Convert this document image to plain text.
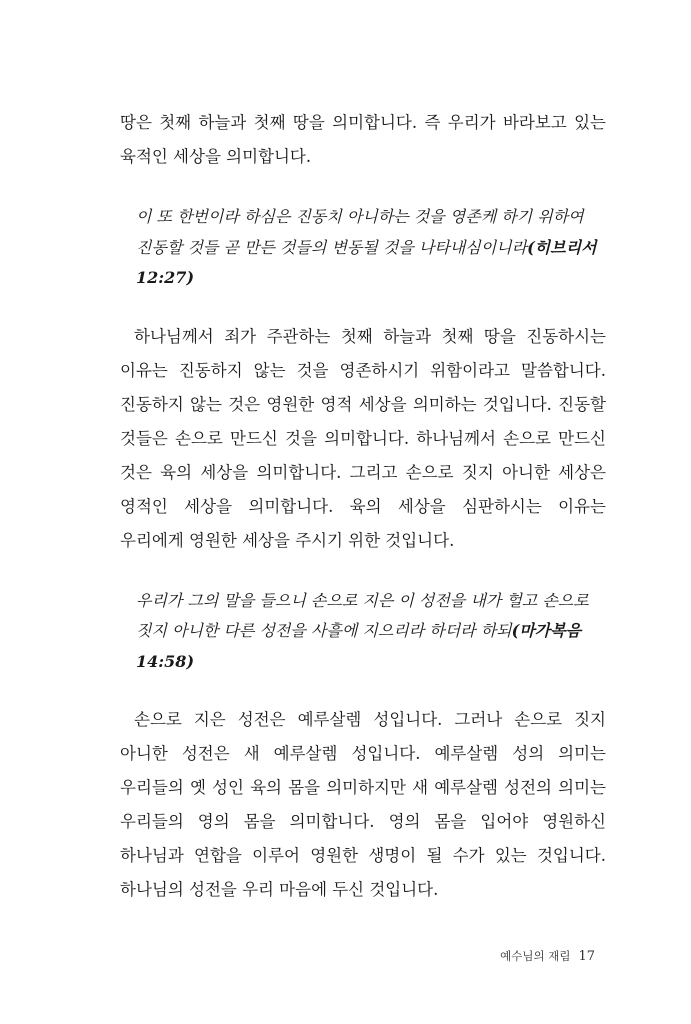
땅은 첫째 하늘과 첫째 땅을 의미합니다. 즉 우리가 바라보고 있는 육적인 세상을 의미합니다.

이 또 한번이라 하심은 진동치 아니하는 것을 영존케 하기 위하여 진동할 것들 곧 만든 것들의 변동될 것을 나타내심이니라(히브리서 12:27)

하나님께서 죄가 주관하는 첫째 하늘과 첫째 땅을 진동하시는 이유는 진동하지 않는 것을 영존하시기 위함이라고 말씀합니다. 진동하지 않는 것은 영원한 영적 세상을 의미하는 것입니다. 진동할 것들은 손으로 만드신 것을 의미합니다. 하나님께서 손으로 만드신 것은 육의 세상을 의미합니다. 그리고 손으로 짓지 아니한 세상은 영적인 세상을 의미합니다. 육의 세상을 심판하시는 이유는 우리에게 영원한 세상을 주시기 위한 것입니다.

우리가 그의 말을 들으니 손으로 지은 이 성전을 내가 헐고 손으로 짓지 아니한 다른 성전을 사흘에 지으리라 하더라 하되(마가복음 14:58)

손으로 지은 성전은 예루살렘 성입니다. 그러나 손으로 짓지 아니한 성전은 새 예루살렘 성입니다. 예루살렘 성의 의미는 우리들의 옛 성인 육의 몸을 의미하지만 새 예루살렘 성전의 의미는 우리들의 영의 몸을 의미합니다. 영의 몸을 입어야 영원하신 하나님과 연합을 이루어 영원한 생명이 될 수가 있는 것입니다. 하나님의 성전을 우리 마음에 두신 것입니다.

예수님의 재림 17
